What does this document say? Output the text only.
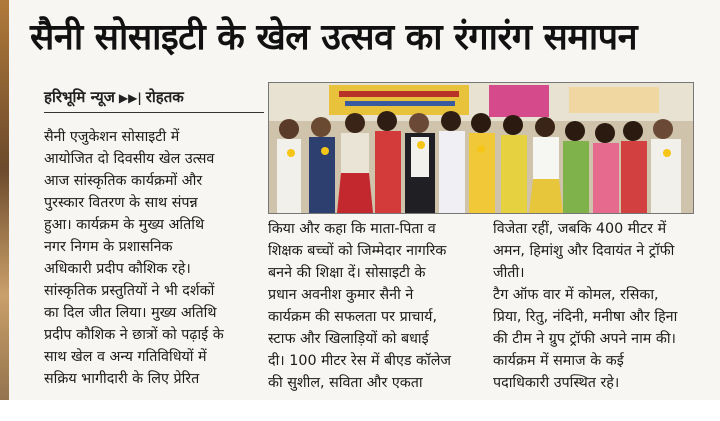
सैनी सोसाइटी के खेल उत्सव का रंगारंग समापन
हरिभूमि न्यूज ▶▶| रोहतक
सैनी एजुकेशन सोसाइटी में
आयोजित दो दिवसीय खेल उत्सव
आज सांस्कृतिक कार्यक्रमों और
पुरस्कार वितरण के साथ संपन्न
हुआ। कार्यक्रम के मुख्य अतिथि
नगर निगम के प्रशासनिक
अधिकारी प्रदीप कौशिक रहे।
सांस्कृतिक प्रस्तुतियों ने भी दर्शकों
का दिल जीत लिया। मुख्य अतिथि
प्रदीप कौशिक ने छात्रों को पढ़ाई के
साथ खेल व अन्य गतिविधियों में
सक्रिय भागीदारी के लिए प्रेरित
किया और कहा कि माता-पिता व
शिक्षक बच्चों को जिम्मेदार नागरिक
बनने की शिक्षा दें। सोसाइटी के
प्रधान अवनीश कुमार सैनी ने
कार्यक्रम की सफलता पर प्राचार्य,
स्टाफ और खिलाड़ियों को बधाई
दी। 100 मीटर रेस में बीएड कॉलेज
की सुशील, सविता और एकता
विजेता रहीं, जबकि 400 मीटर में
अमन, हिमांशु और दिवायंत ने ट्रॉफी
जीती।
टैग ऑफ वार में कोमल, रसिका,
प्रिया, रितु, नंदिनी, मनीषा और हिना
की टीम ने ग्रुप ट्रॉफी अपने नाम की।
कार्यक्रम में समाज के कई
पदाधिकारी उपस्थित रहे।
